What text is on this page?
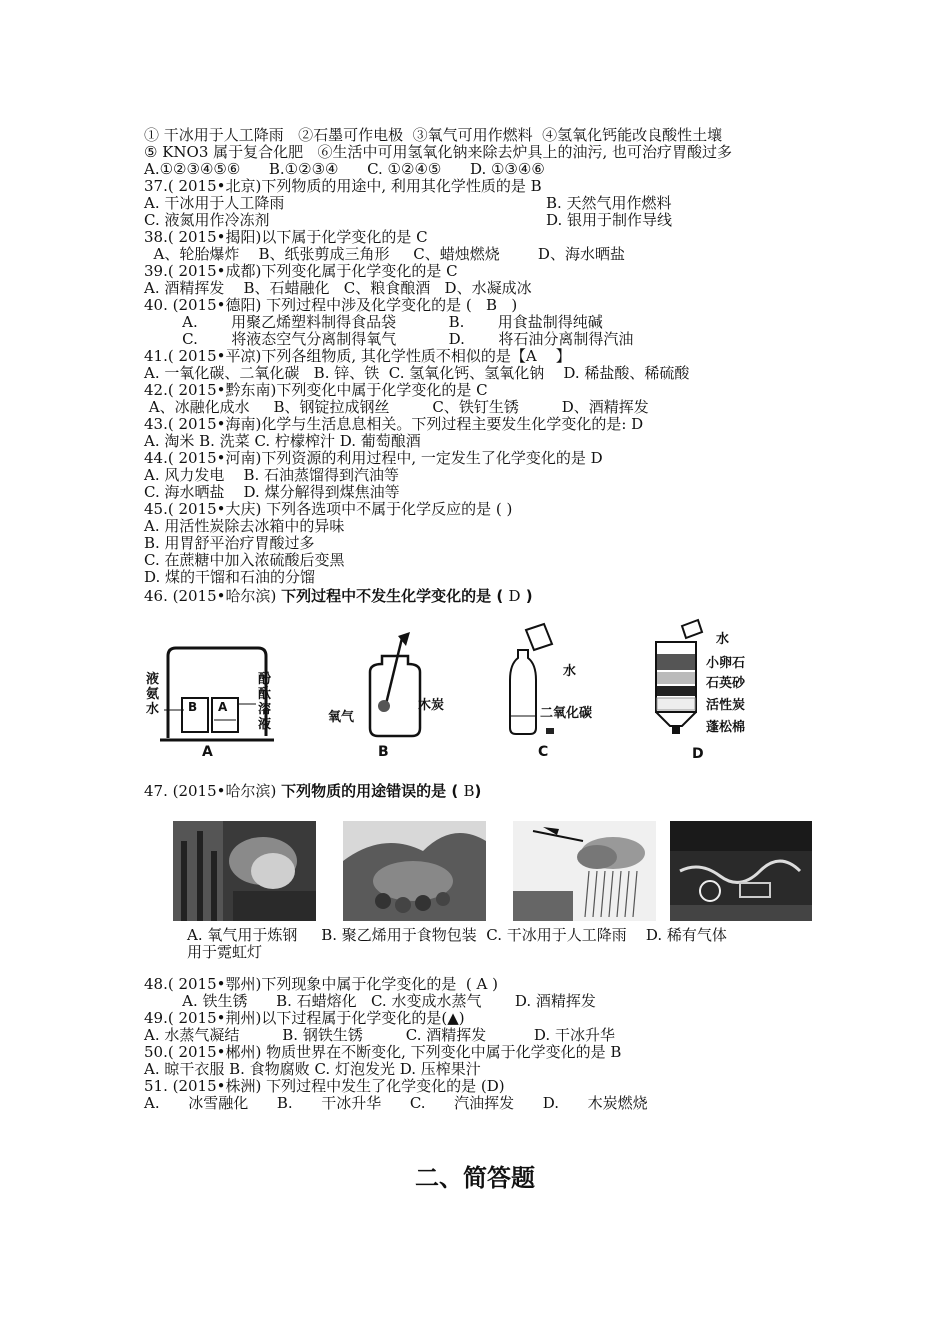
① 干冰用于人工降雨   ②石墨可作电极  ③氧气可用作燃料  ④氢氧化钙能改良酸性土壤
⑤ KNO3 属于复合化肥   ⑥生活中可用氢氧化钠来除去炉具上的油污, 也可治疗胃酸过多
A.①②③④⑤⑥      B.①②③④      C. ①②④⑤      D. ①③④⑥
37.( 2015•北京)下列物质的用途中, 利用其化学性质的是 B
A. 干冰用于人工降雨	B. 天然气用作燃料
C. 液氮用作冷冻剂	D. 银用于制作导线
38.( 2015•揭阳)以下属于化学变化的是 C
A、轮胎爆炸    B、纸张剪成三角形     C、蜡烛燃烧        D、海水晒盐
39.( 2015•成都)下列变化属于化学变化的是 C
A. 酒精挥发    B、石蜡融化   C、粮食酿酒   D、水凝成冰
40. (2015•德阳) 下列过程中涉及化学变化的是 (   B   )
A.       用聚乙烯塑料制得食品袋           B.       用食盐制得纯碱
C.       将液态空气分离制得氧气           D.       将石油分离制得汽油
41.( 2015•平凉)下列各组物质, 其化学性质不相似的是【A    】
A. 一氧化碳、二氧化碳   B. 锌、铁  C. 氢氧化钙、氢氧化钠    D. 稀盐酸、稀硫酸
42.( 2015•黔东南)下列变化中属于化学变化的是 C
A、冰融化成水     B、钢锭拉成钢丝         C、铁钉生锈         D、酒精挥发
43.( 2015•海南)化学与生活息息相关。下列过程主要发生化学变化的是: D
A. 淘米 B. 洗菜 C. 柠檬榨汁 D. 葡萄酿酒
44.( 2015•河南)下列资源的利用过程中, 一定发生了化学变化的是 D
A. 风力发电    B. 石油蒸馏得到汽油等
C. 海水晒盐    D. 煤分解得到煤焦油等
45.( 2015•大庆) 下列各选项中不属于化学反应的是 ( )
A. 用活性炭除去冰箱中的异味
B. 用胃舒平治疗胃酸过多
C. 在蔗糖中加入浓硫酸后变黑
D. 煤的干馏和石油的分馏
46. (2015•哈尔滨) 下列过程中不发生化学变化的是 ( D )
液
氨
水
酚
酞
溶
液
B A
A
氧气
木炭
B
水
二氧化碳
C
水
小卵石
石英砂
活性炭
蓬松棉
D
47. (2015•哈尔滨) 下列物质的用途错误的是 ( B)
A. 氧气用于炼钢     B. 聚乙烯用于食物包装  C. 干冰用于人工降雨    D. 稀有气体
用于霓虹灯
48.( 2015•鄂州)下列现象中属于化学变化的是  ( A )
A. 铁生锈      B. 石蜡熔化   C. 水变成水蒸气       D. 酒精挥发
49.( 2015•荆州)以下过程属于化学变化的是(▲)
A. 水蒸气凝结         B. 钢铁生锈         C. 酒精挥发          D. 干冰升华
50.( 2015•郴州) 物质世界在不断变化, 下列变化中属于化学变化的是 B
A. 晾干衣服 B. 食物腐败 C. 灯泡发光 D. 压榨果汁
51. (2015•株洲) 下列过程中发生了化学变化的是 (D)
A.      冰雪融化      B.      干冰升华      C.      汽油挥发      D.      木炭燃烧
二、简答题
